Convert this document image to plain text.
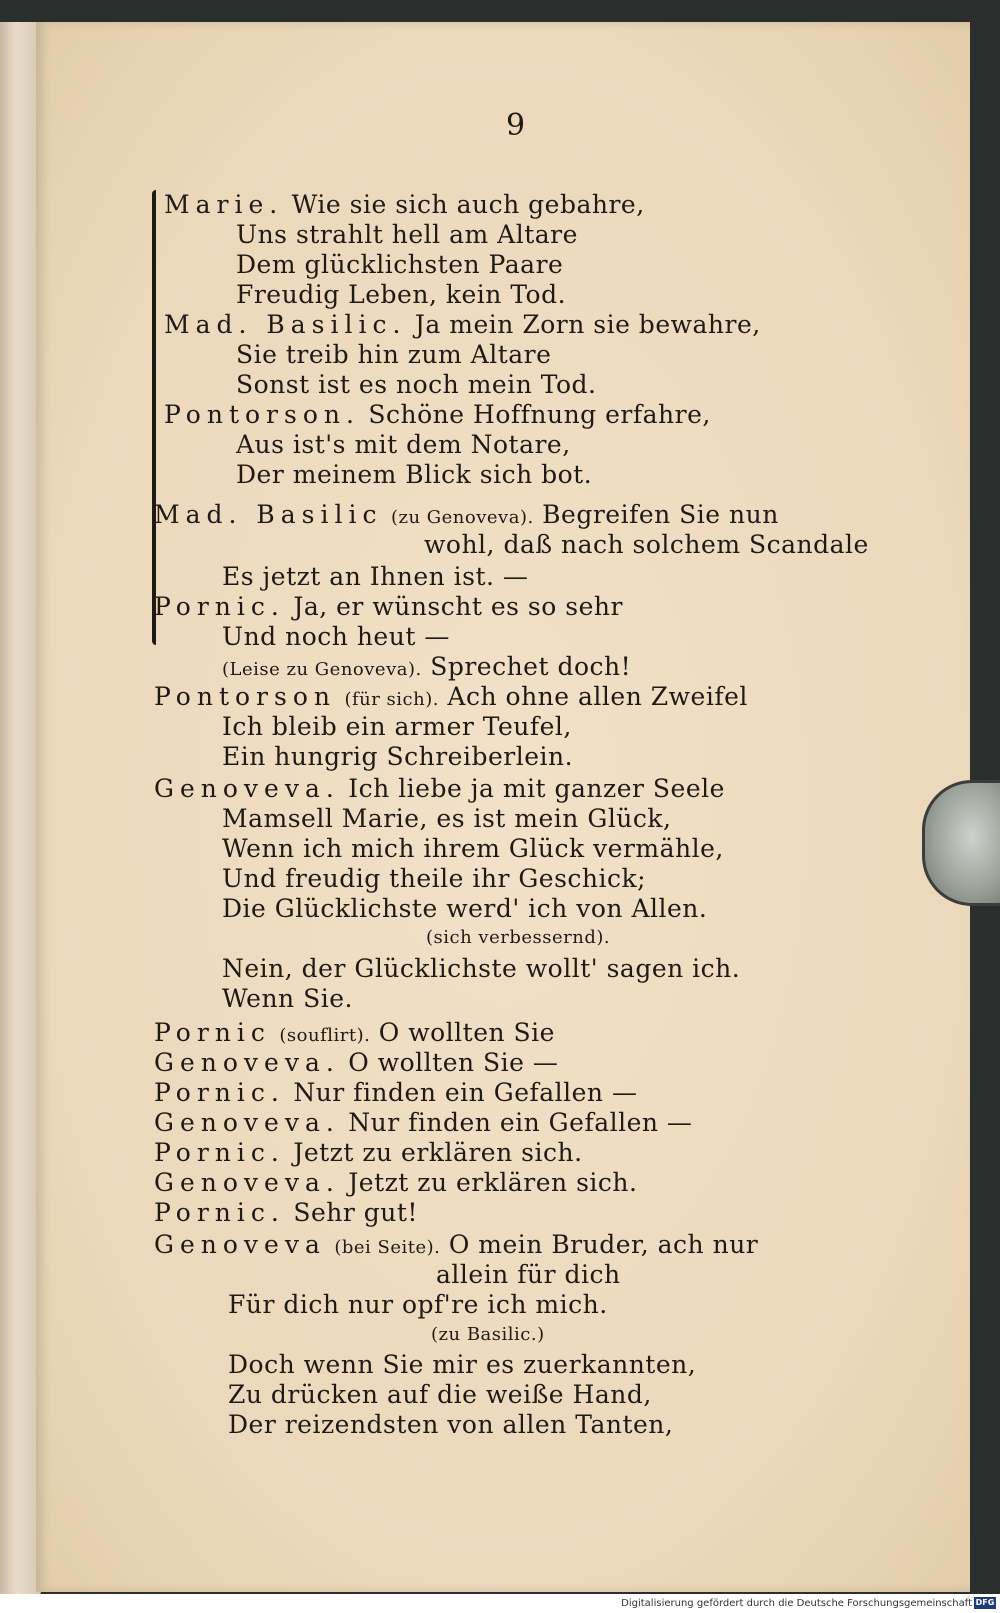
9
Marie. Wie sie sich auch gebahre,
Uns strahlt hell am Altare
Dem glücklichsten Paare
Freudig Leben, kein Tod.
Mad. Basilic. Ja mein Zorn sie bewahre,
Sie treib hin zum Altare
Sonst ist es noch mein Tod.
Pontorson. Schöne Hoffnung erfahre,
Aus ist's mit dem Notare,
Der meinem Blick sich bot.
Mad. Basilic (zu Genoveva). Begreifen Sie nun
wohl, daß nach solchem Scandale
Es jetzt an Ihnen ist. —
Pornic. Ja, er wünscht es so sehr
Und noch heut —
(Leise zu Genoveva). Sprechet doch!
Pontorson (für sich). Ach ohne allen Zweifel
Ich bleib ein armer Teufel,
Ein hungrig Schreiberlein.
Genoveva. Ich liebe ja mit ganzer Seele
Mamsell Marie, es ist mein Glück,
Wenn ich mich ihrem Glück vermähle,
Und freudig theile ihr Geschick;
Die Glücklichste werd' ich von Allen.
(sich verbessernd).
Nein, der Glücklichste wollt' sagen ich.
Wenn Sie.
Pornic (souflirt). O wollten Sie
Genoveva. O wollten Sie —
Pornic. Nur finden ein Gefallen —
Genoveva. Nur finden ein Gefallen —
Pornic. Jetzt zu erklären sich.
Genoveva. Jetzt zu erklären sich.
Pornic. Sehr gut!
Genoveva (bei Seite). O mein Bruder, ach nur
allein für dich
Für dich nur opf're ich mich.
(zu Basilic.)
Doch wenn Sie mir es zuerkannten,
Zu drücken auf die weiße Hand,
Der reizendsten von allen Tanten,
Digitalisierung gefördert durch die Deutsche Forschungsgemeinschaft DFG
